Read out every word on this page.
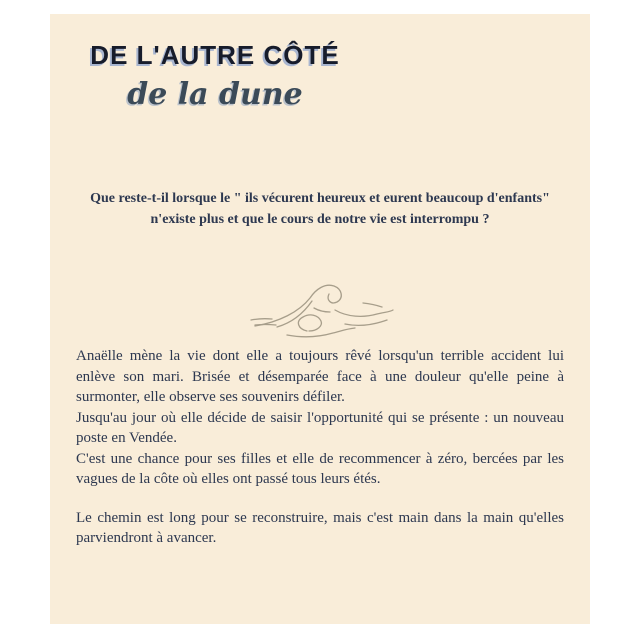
DE L'AUTRE CÔTÉ
de la dune
Que reste-t-il lorsque le " ils vécurent heureux et eurent beaucoup d'enfants"
n'existe plus et que le cours de notre vie est interrompu ?

Anaëlle mène la vie dont elle a toujours rêvé lorsqu'un terrible accident lui enlève son mari. Brisée et désemparée face à une douleur qu'elle peine à surmonter, elle observe ses souvenirs défiler.

Jusqu'au jour où elle décide de saisir l'opportunité qui se présente : un nouveau poste en Vendée.

C'est une chance pour ses filles et elle de recommencer à zéro, bercées par les vagues de la côte où elles ont passé tous leurs étés.

Le chemin est long pour se reconstruire, mais c'est main dans la main qu'elles parviendront à avancer.
